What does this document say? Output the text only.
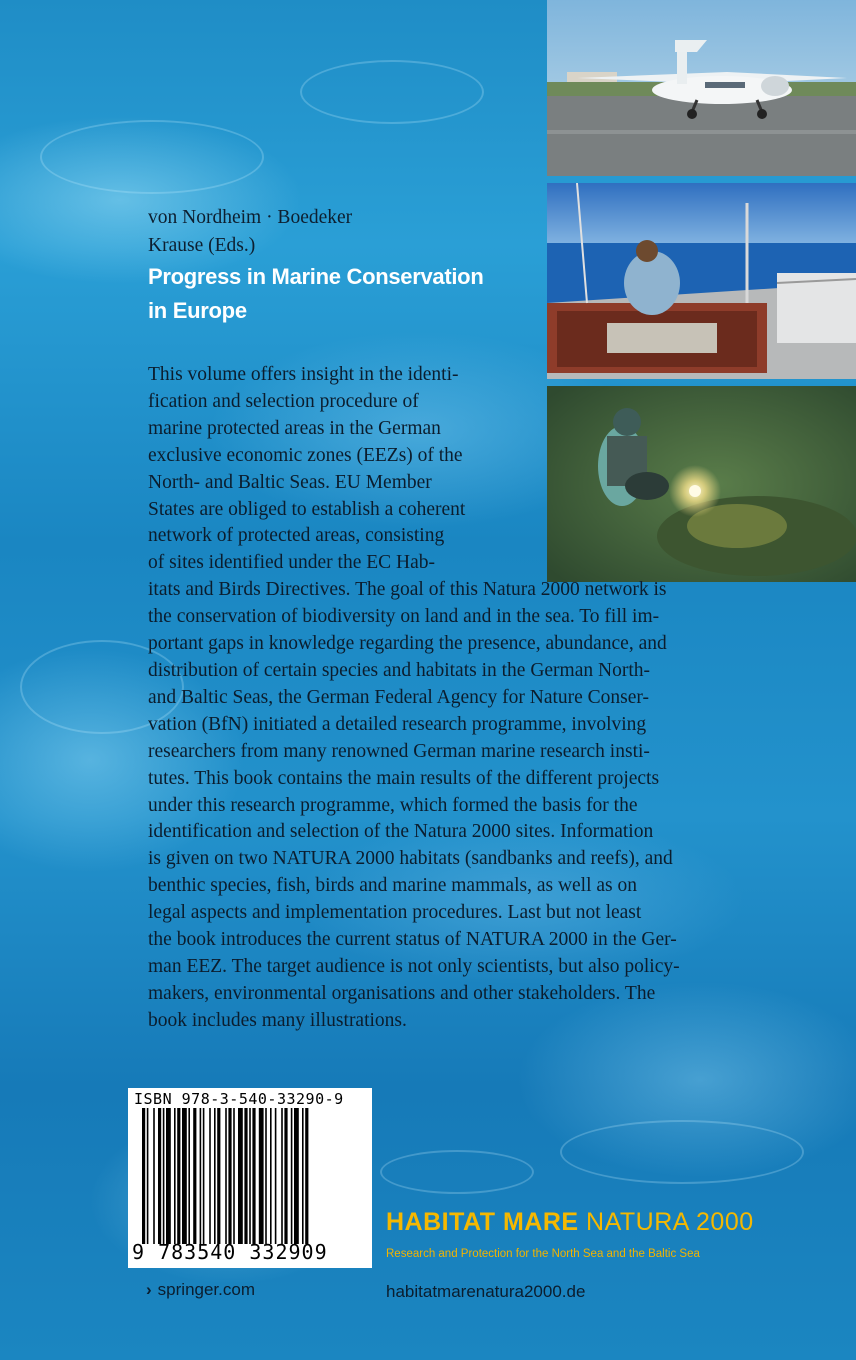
von Nordheim · Boedeker
Krause (Eds.)
Progress in Marine Conservation
in Europe
This volume offers insight in the identi-
fication and selection procedure of
marine protected areas in the German
exclusive economic zones (EEZs) of the
North- and Baltic Seas. EU Member
States are obliged to establish a coherent
network of protected areas, consisting
of sites identified under the EC Hab-
itats and Birds Directives. The goal of this Natura 2000 network is
the conservation of biodiversity on land and in the sea. To fill im-
portant gaps in knowledge regarding the presence, abundance, and
distribution of certain species and habitats in the German North-
and Baltic Seas, the German Federal Agency for Nature Conser-
vation (BfN) initiated a detailed research programme, involving
researchers from many renowned German marine research insti-
tutes. This book contains the main results of the different projects
under this research programme, which formed the basis for the
identification and selection of the Natura 2000 sites. Information
is given on two NATURA 2000 habitats (sandbanks and reefs), and
benthic species, fish, birds and marine mammals, as well as on
legal aspects and implementation procedures. Last but not least
the book introduces the current status of NATURA 2000 in the Ger-
man EEZ. The target audience is not only scientists, but also policy-
makers, environmental organisations and other stakeholders. The
book includes many illustrations.
ISBN 978-3-540-33290-9
9 783540 332909
› springer.com
HABITAT MARE NATURA 2000
Research and Protection for the North Sea and the Baltic Sea
habitatmarenatura2000.de
